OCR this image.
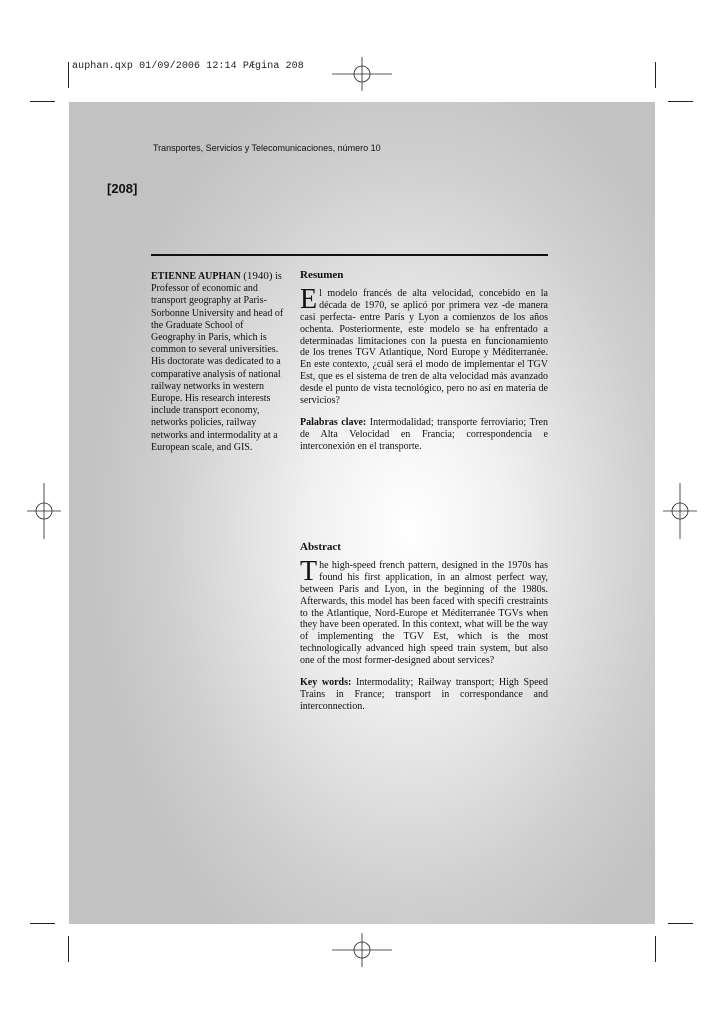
auphan.qxp 01/09/2006 12:14 PÆgina 208
Transportes, Servicios y Telecomunicaciones, número 10
[208]
ETIENNE AUPHAN (1940) is Professor of economic and transport geography at Paris-Sorbonne University and head of the Graduate School of Geography in Paris, which is common to several universities. His doctorate was dedicated to a comparative analysis of national railway networks in western Europe. His research interests include transport economy, networks policies, railway networks and intermodality at a European scale, and GIS.
Resumen

El modelo francés de alta velocidad, concebido en la década de 1970, se aplicó por primera vez -de manera casi perfecta- entre París y Lyon a comienzos de los años ochenta. Posteriormente, este modelo se ha enfrentado a determinadas limitaciones con la puesta en funcionamiento de los trenes TGV Atlantique, Nord Europe y Méditerranée. En este contexto, ¿cuál será el modo de implementar el TGV Est, que es el sistema de tren de alta velocidad más avanzado desde el punto de vista tecnológico, pero no así en materia de servicios?

Palabras clave: Intermodalidad; transporte ferroviario; Tren de Alta Velocidad en Francia; correspondencia e interconexión en el transporte.

Abstract

The high-speed french pattern, designed in the 1970s has found his first application, in an almost perfect way, between Paris and Lyon, in the beginning of the 1980s. Afterwards, this model has been faced with specifi crestraints to the Atlantique, Nord-Europe et Méditerranée TGVs when they have been operated. In this context, what will be the way of implementing the TGV Est, which is the most technologically advanced high speed train system, but also one of the most former-designed about services?

Key words: Intermodality; Railway transport; High Speed Trains in France; transport in correspondance and interconnection.
